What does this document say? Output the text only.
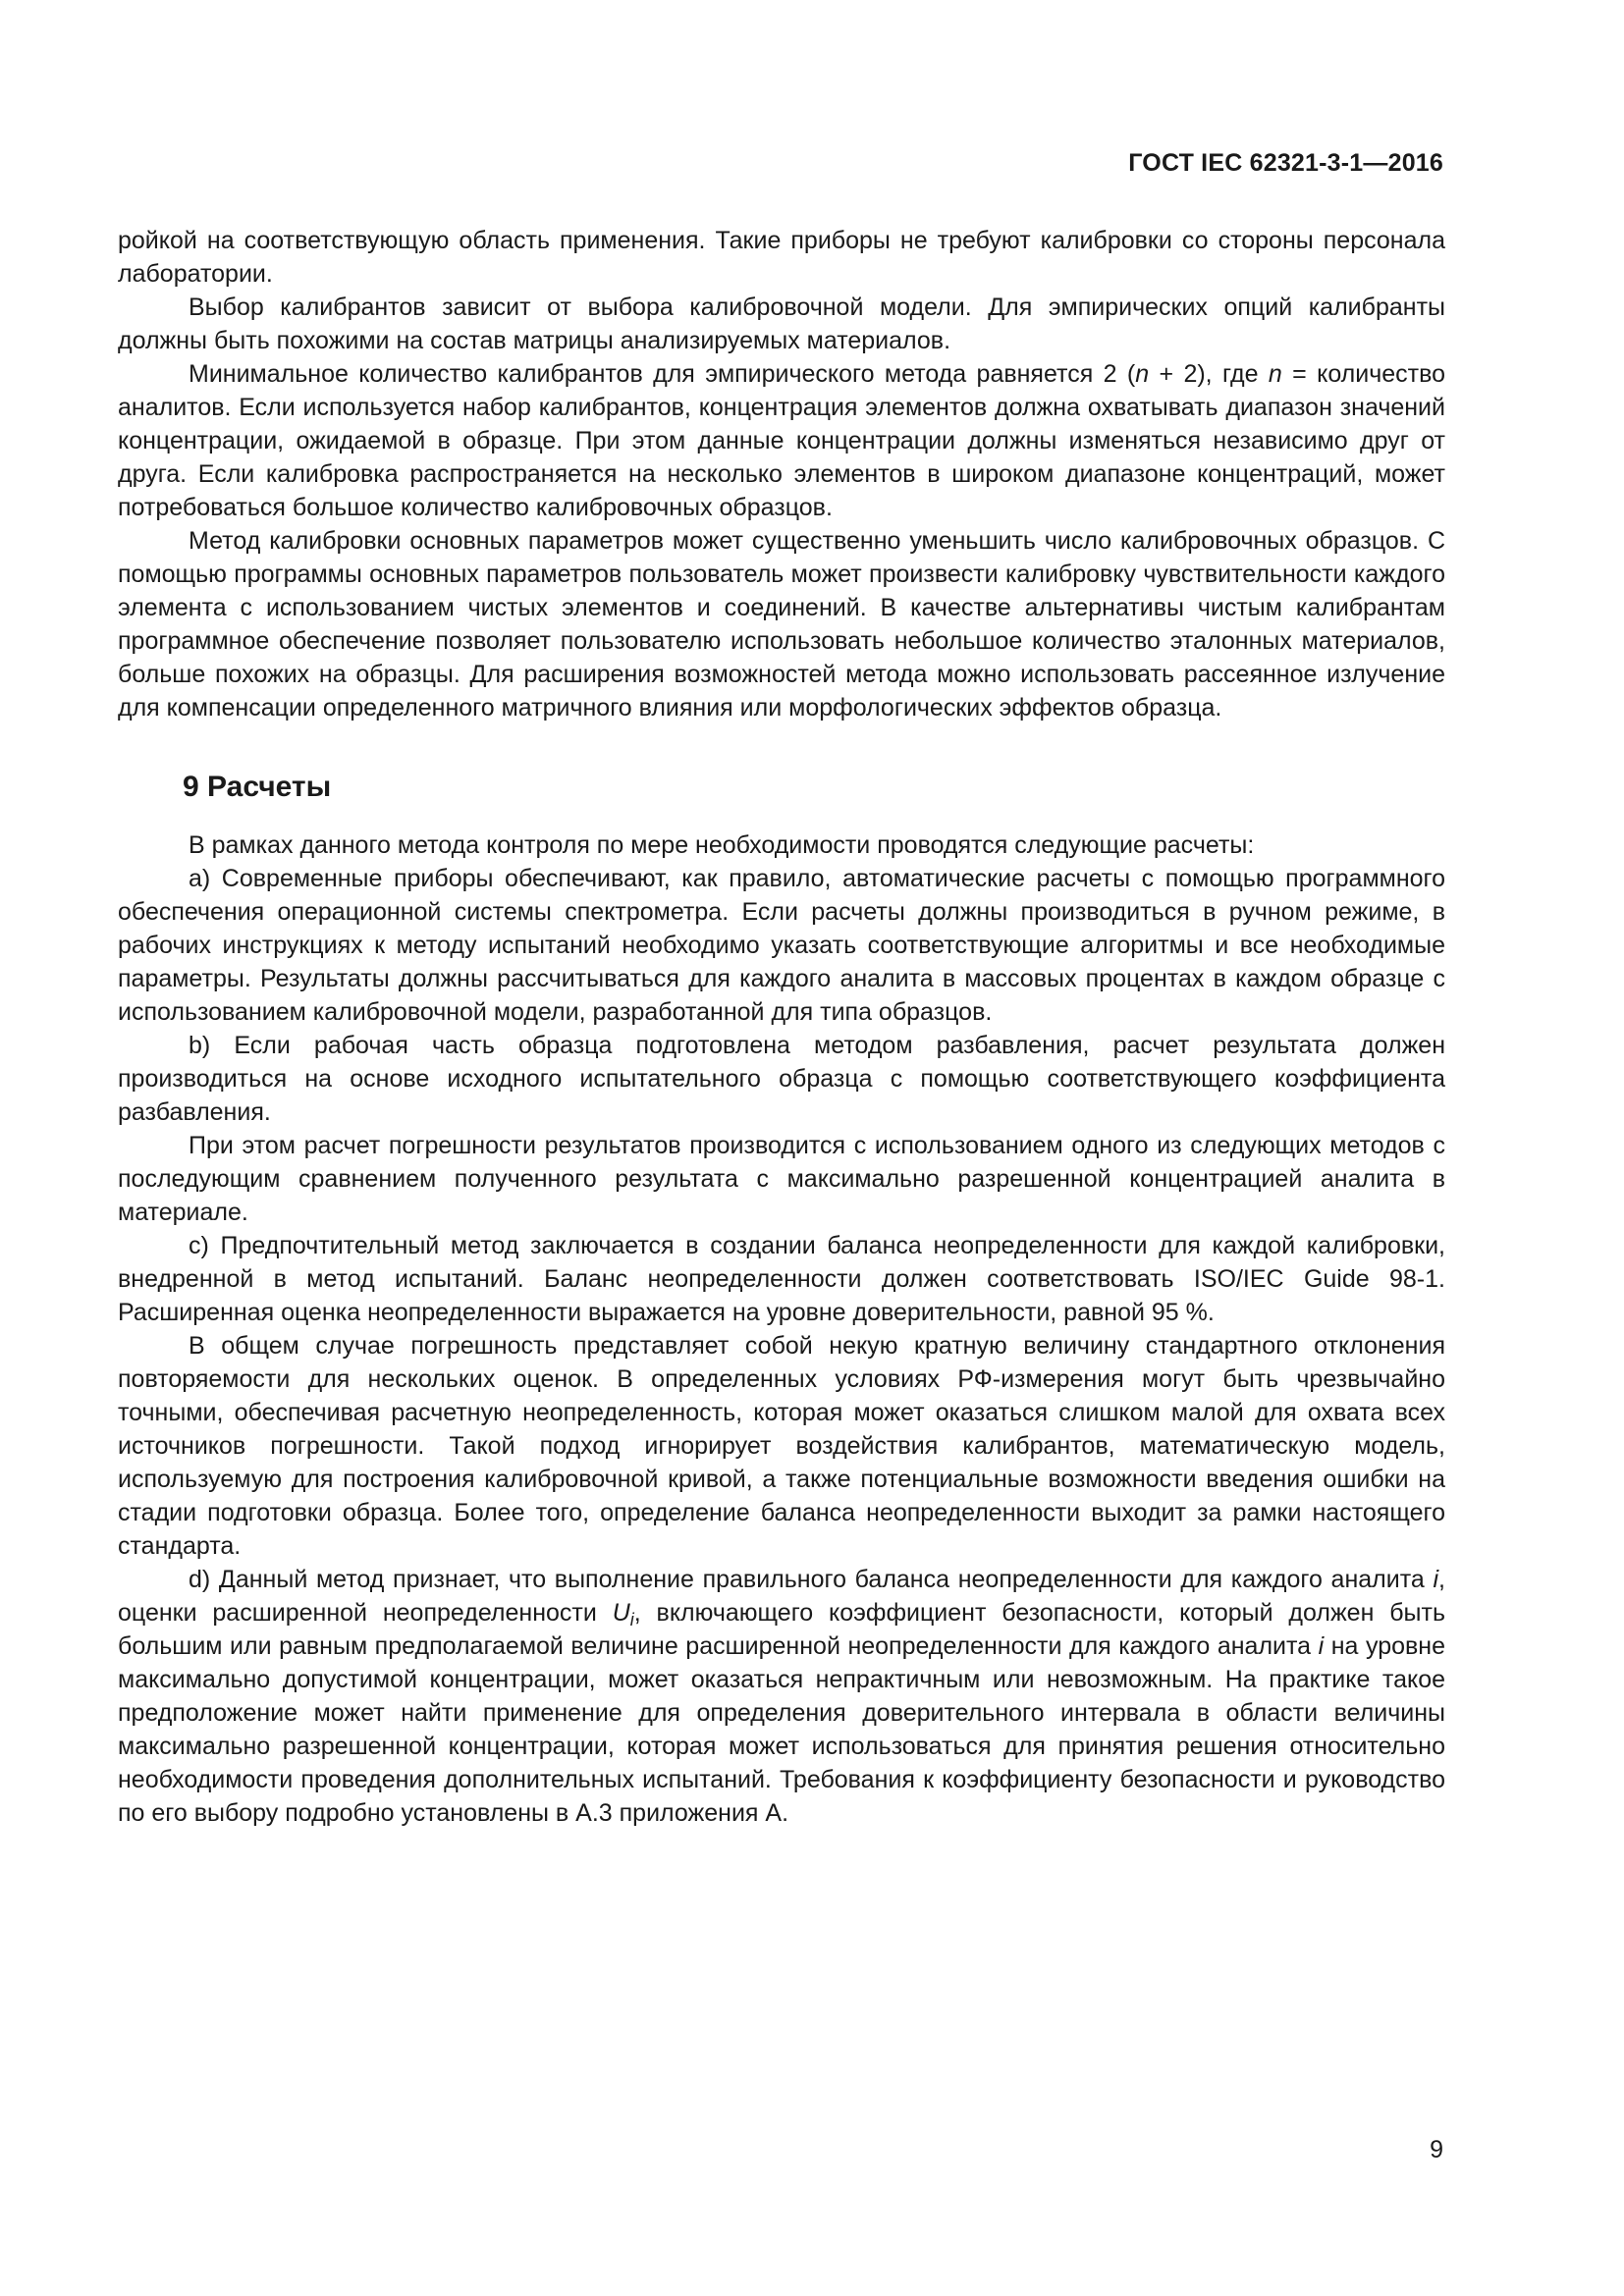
ГОСТ IEC 62321-3-1—2016

ройкой на соответствующую область применения. Такие приборы не требуют калибровки со стороны персонала лаборатории.

Выбор калибрантов зависит от выбора калибровочной модели. Для эмпирических опций калибранты должны быть похожими на состав матрицы анализируемых материалов.

Минимальное количество калибрантов для эмпирического метода равняется 2 (n + 2), где n = количество аналитов. Если используется набор калибрантов, концентрация элементов должна охватывать диапазон значений концентрации, ожидаемой в образце. При этом данные концентрации должны изменяться независимо друг от друга. Если калибровка распространяется на несколько элементов в широком диапазоне концентраций, может потребоваться большое количество калибровочных образцов.

Метод калибровки основных параметров может существенно уменьшить число калибровочных образцов. С помощью программы основных параметров пользователь может произвести калибровку чувствительности каждого элемента с использованием чистых элементов и соединений. В качестве альтернативы чистым калибрантам программное обеспечение позволяет пользователю использовать небольшое количество эталонных материалов, больше похожих на образцы. Для расширения возможностей метода можно использовать рассеянное излучение для компенсации определенного матричного влияния или морфологических эффектов образца.

9 Расчеты

В рамках данного метода контроля по мере необходимости проводятся следующие расчеты:

а) Современные приборы обеспечивают, как правило, автоматические расчеты с помощью программного обеспечения операционной системы спектрометра. Если расчеты должны производиться в ручном режиме, в рабочих инструкциях к методу испытаний необходимо указать соответствующие алгоритмы и все необходимые параметры. Результаты должны рассчитываться для каждого аналита в массовых процентах в каждом образце с использованием калибровочной модели, разработанной для типа образцов.

b) Если рабочая часть образца подготовлена методом разбавления, расчет результата должен производиться на основе исходного испытательного образца с помощью соответствующего коэффициента разбавления.

При этом расчет погрешности результатов производится с использованием одного из следующих методов с последующим сравнением полученного результата с максимально разрешенной концентрацией аналита в материале.

с) Предпочтительный метод заключается в создании баланса неопределенности для каждой калибровки, внедренной в метод испытаний. Баланс неопределенности должен соответствовать ISO/IEC Guide 98-1. Расширенная оценка неопределенности выражается на уровне доверительности, равной 95 %.

В общем случае погрешность представляет собой некую кратную величину стандартного отклонения повторяемости для нескольких оценок. В определенных условиях РФ-измерения могут быть чрезвычайно точными, обеспечивая расчетную неопределенность, которая может оказаться слишком малой для охвата всех источников погрешности. Такой подход игнорирует воздействия калибрантов, математическую модель, используемую для построения калибровочной кривой, а также потенциальные возможности введения ошибки на стадии подготовки образца. Более того, определение баланса неопределенности выходит за рамки настоящего стандарта.

d) Данный метод признает, что выполнение правильного баланса неопределенности для каждого аналита i, оценки расширенной неопределенности $U_i$, включающего коэффициент безопасности, который должен быть большим или равным предполагаемой величине расширенной неопределенности для каждого аналита i на уровне максимально допустимой концентрации, может оказаться непрактичным или невозможным. На практике такое предположение может найти применение для определения доверительного интервала в области величины максимально разрешенной концентрации, которая может использоваться для принятия решения относительно необходимости проведения дополнительных испытаний. Требования к коэффициенту безопасности и руководство по его выбору подробно установлены в А.3 приложения А.

9
